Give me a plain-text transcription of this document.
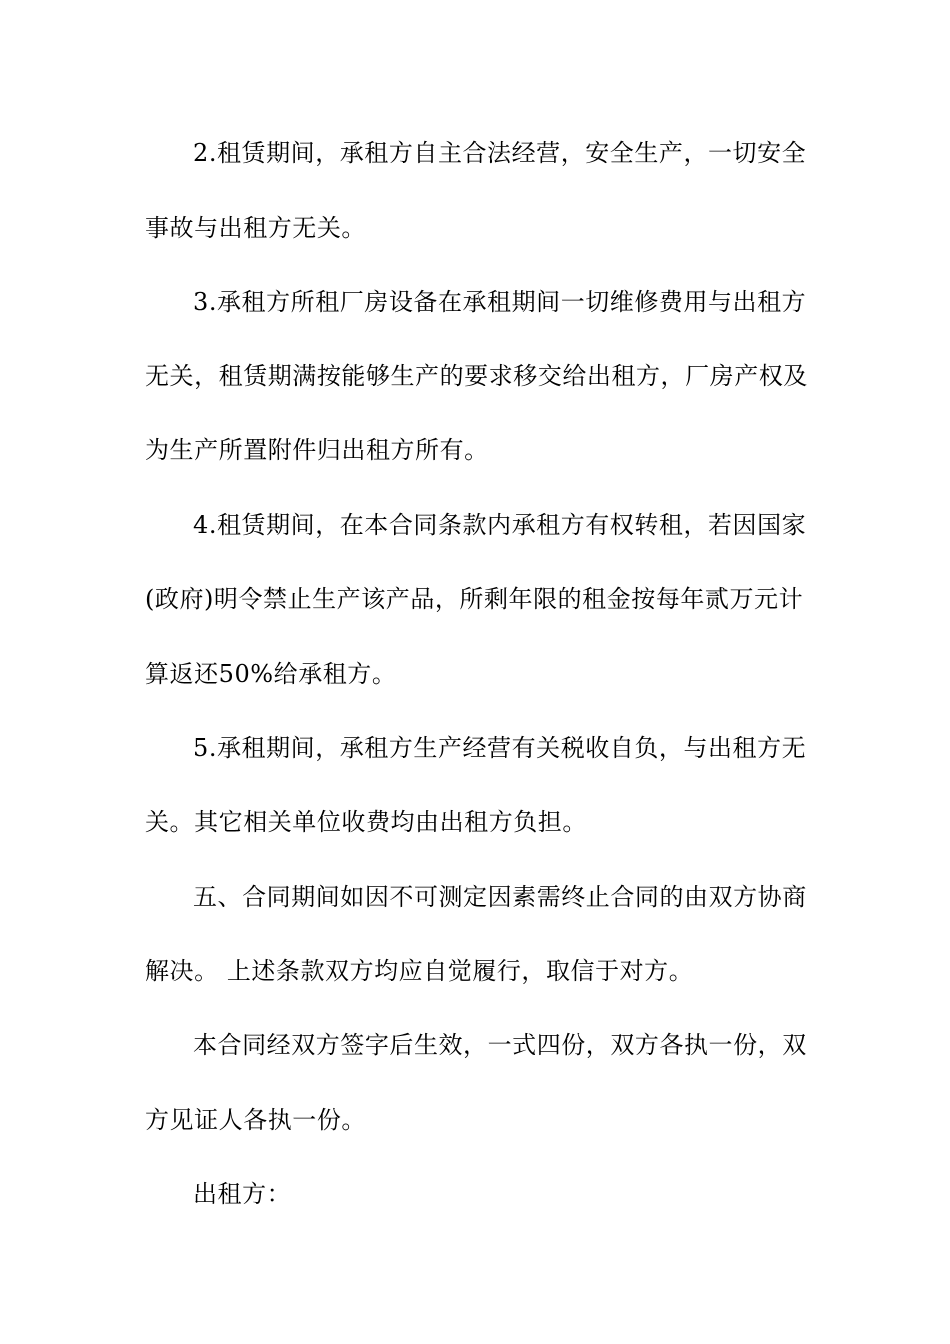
2.租赁期间，承租方自主合法经营，安全生产，一切安全
事故与出租方无关。
3.承租方所租厂房设备在承租期间一切维修费用与出租方
无关，租赁期满按能够生产的要求移交给出租方，厂房产权及
为生产所置附件归出租方所有。
4.租赁期间，在本合同条款内承租方有权转租，若因国家
(政府)明令禁止生产该产品，所剩年限的租金按每年贰万元计
算返还50%给承租方。
5.承租期间，承租方生产经营有关税收自负，与出租方无
关。其它相关单位收费均由出租方负担。
五、合同期间如因不可测定因素需终止合同的由双方协商
解决。 上述条款双方均应自觉履行，取信于对方。
本合同经双方签字后生效，一式四份，双方各执一份，双
方见证人各执一份。
出租方：
